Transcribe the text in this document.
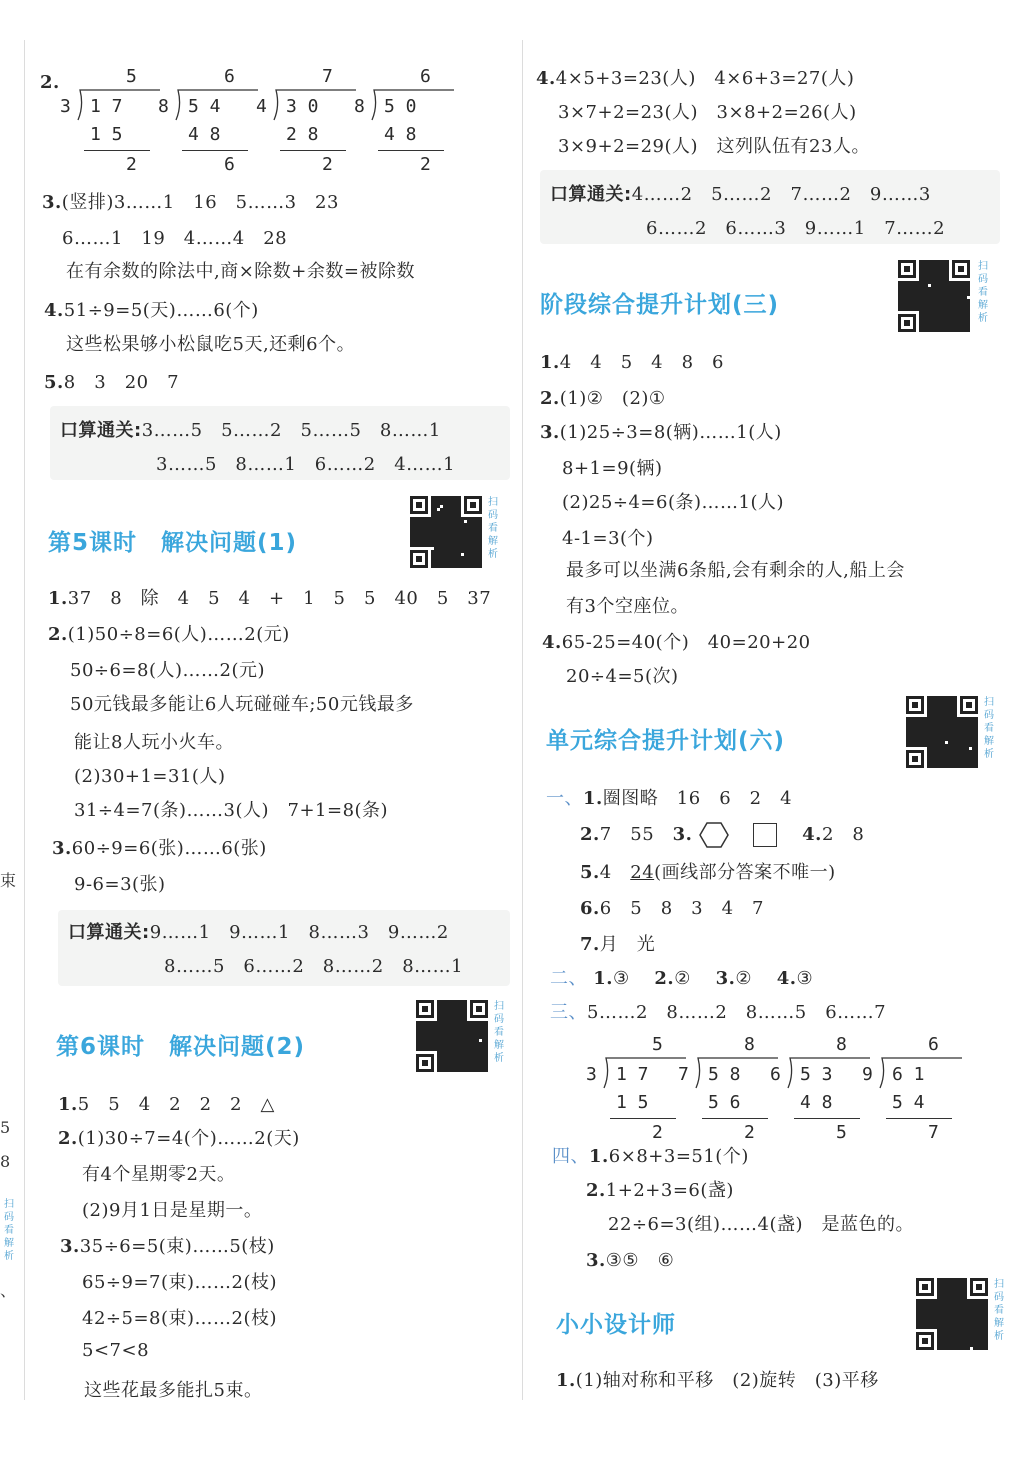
束
5
8
扫码看解析
、
2.	5
3 1 7
1 5
2
6
8 5 4
4 8
6
7
4 3 0
2 8
2
6
8 5 0
4 8
2
3.(竖排)3……1　16　5……3　23
6……1　19　4……4　28
在有余数的除法中,商×除数+余数=被除数
4.51÷9=5(天)……6(个)
这些松果够小松鼠吃5天,还剩6个。
5.8　3　20　7
口算通关:3……5　5……2　5……5　8……1
3……5　8……1　6……2　4……1
第5课时　解决问题(1)
扫码看解析
1.37　8　除　4　5　4　+　1　5　5　40　5　37
2.(1)50÷8=6(人)……2(元)
50÷6=8(人)……2(元)
50元钱最多能让6人玩碰碰车;50元钱最多
能让8人玩小火车。
(2)30+1=31(人)
31÷4=7(条)……3(人)　7+1=8(条)
3.60÷9=6(张)……6(张)
9-6=3(张)
口算通关:9……1　9……1　8……3　9……2
8……5　6……2　8……2　8……1
第6课时　解决问题(2)
扫码看解析
1.5　5　4　2　2　2　△
2.(1)30÷7=4(个)……2(天)
有4个星期零2天。
(2)9月1日是星期一。
3.35÷6=5(束)……5(枝)
65÷9=7(束)……2(枝)
42÷5=8(束)……2(枝)
5<7<8
这些花最多能扎5束。
4.4×5+3=23(人)　4×6+3=27(人)
3×7+2=23(人)　3×8+2=26(人)
3×9+2=29(人)　这列队伍有23人。
口算通关:4……2　5……2　7……2　9……3
6……2　6……3　9……1　7……2
阶段综合提升计划(三)
扫码看解析
1.4　4　5　4　8　6
2.(1)②　(2)①
3.(1)25÷3=8(辆)……1(人)
8+1=9(辆)
(2)25÷4=6(条)……1(人)
4-1=3(个)
最多可以坐满6条船,会有剩余的人,船上会
有3个空座位。
4.65-25=40(个)　40=20+20
20÷4=5(次)
单元综合提升计划(六)
扫码看解析
一、1.圈图略　16　6　2　4
2.7　55　 3.  　　	4.2　8
5.4　 24(画线部分答案不唯一)
6.6　5　8　3　4　7
7.月　光
二、 1.③　 2.②　 3.②　 4.③
三、5……2　8……2　8……5　6……7
5
3 1 7
1 5
2
8
7 5 8
5 6
2
8
6 5 3
4 8
5
6
9 6 1
5 4
7
四、1.6×8+3=51(个)
2.1+2+3=6(盏)
22÷6=3(组)……4(盏)　是蓝色的。
3.③⑤　⑥
小小设计师
扫码看解析
1.(1)轴对称和平移　(2)旋转　(3)平移
